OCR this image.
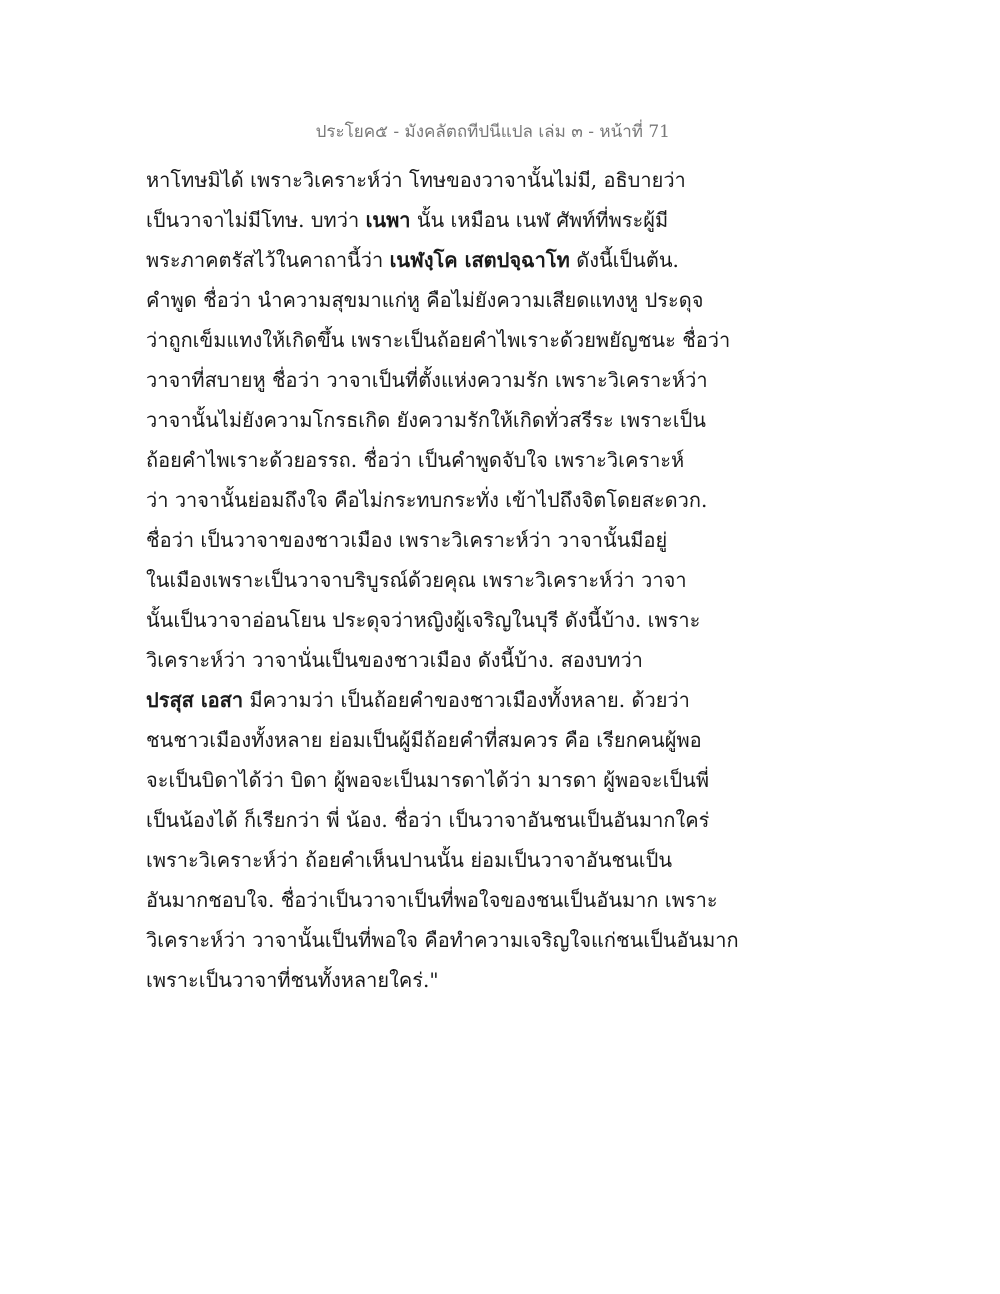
ประโยค๕ - มังคลัตถทีปนีแปล เล่ม ๓ - หน้าที่ 71
หาโทษมิได้ เพราะวิเคราะห์ว่า โทษของวาจานั้นไม่มี, อธิบายว่า
เป็นวาจาไม่มีโทษ. บทว่า เนพา นั้น เหมือน เนฬ ศัพท์ที่พระผู้มี
พระภาคตรัสไว้ในคาถานี้ว่า เนฬงฺโค เสตปจฺฉาโท ดังนี้เป็นต้น.
คำพูด ชื่อว่า นำความสุขมาแก่หู คือไม่ยังความเสียดแทงหู ประดุจ
ว่าถูกเข็มแทงให้เกิดขึ้น เพราะเป็นถ้อยคำไพเราะด้วยพยัญชนะ ชื่อว่า
วาจาที่สบายหู ชื่อว่า วาจาเป็นที่ตั้งแห่งความรัก เพราะวิเคราะห์ว่า
วาจานั้นไม่ยังความโกรธเกิด ยังความรักให้เกิดทั่วสรีระ เพราะเป็น
ถ้อยคำไพเราะด้วยอรรถ. ชื่อว่า เป็นคำพูดจับใจ เพราะวิเคราะห์
ว่า วาจานั้นย่อมถึงใจ คือไม่กระทบกระทั่ง เข้าไปถึงจิตโดยสะดวก.
ชื่อว่า เป็นวาจาของชาวเมือง เพราะวิเคราะห์ว่า วาจานั้นมีอยู่
ในเมืองเพราะเป็นวาจาบริบูรณ์ด้วยคุณ เพราะวิเคราะห์ว่า วาจา
นั้นเป็นวาจาอ่อนโยน ประดุจว่าหญิงผู้เจริญในบุรี ดังนี้บ้าง. เพราะ
วิเคราะห์ว่า วาจานั่นเป็นของชาวเมือง ดังนี้บ้าง. สองบทว่า
ปรสุส เอสา มีความว่า เป็นถ้อยคำของชาวเมืองทั้งหลาย. ด้วยว่า
ชนชาวเมืองทั้งหลาย ย่อมเป็นผู้มีถ้อยคำที่สมควร คือ เรียกคนผู้พอ
จะเป็นบิดาได้ว่า บิดา ผู้พอจะเป็นมารดาได้ว่า มารดา ผู้พอจะเป็นพี่
เป็นน้องได้ ก็เรียกว่า พี่ น้อง. ชื่อว่า เป็นวาจาอันชนเป็นอันมากใคร่
เพราะวิเคราะห์ว่า ถ้อยคำเห็นปานนั้น ย่อมเป็นวาจาอันชนเป็น
อันมากชอบใจ. ชื่อว่าเป็นวาจาเป็นที่พอใจของชนเป็นอันมาก เพราะ
วิเคราะห์ว่า วาจานั้นเป็นที่พอใจ คือทำความเจริญใจแก่ชนเป็นอันมาก
เพราะเป็นวาจาที่ชนทั้งหลายใคร่."
